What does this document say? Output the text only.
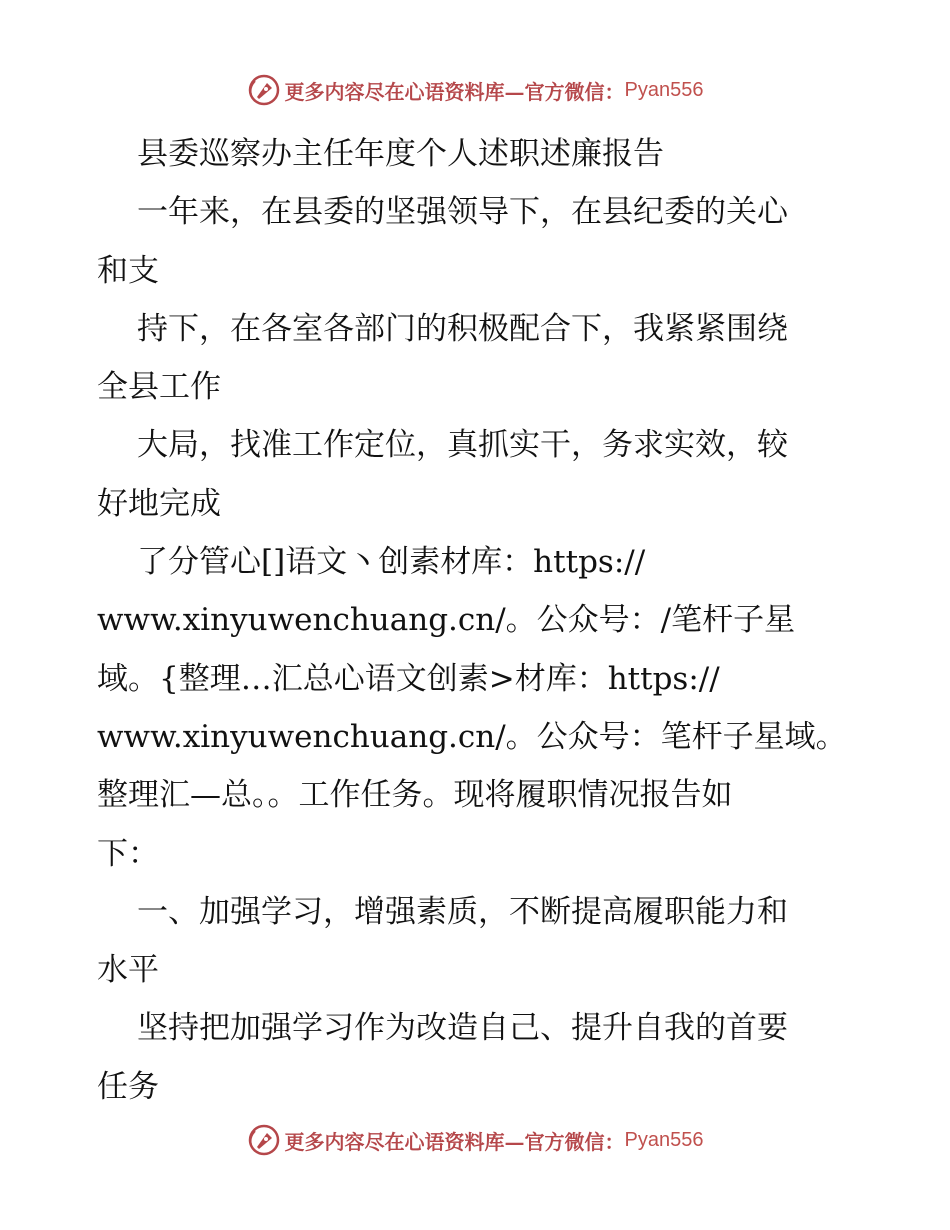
更多内容尽在心语资料库—官方微信： Pyan556

县委巡察办主任年度个人述职述廉报告

一年来，在县委的坚强领导下，在县纪委的关心

和支

持下，在各室各部门的积极配合下，我紧紧围绕

全县工作

大局，找准工作定位，真抓实干，务求实效，较

好地完成

了分管心[]语文丶创素材库：https://

www.xinyuwenchuang.cn/。公众号：/笔杆子星

域。{整理…汇总心语文创素>材库：https://

www.xinyuwenchuang.cn/。公众号：笔杆子星域。

整理汇—总。。工作任务。现将履职情况报告如

下：

一、加强学习，增强素质，不断提高履职能力和

水平

坚持把加强学习作为改造自己、提升自我的首要

任务

更多内容尽在心语资料库—官方微信： Pyan556
